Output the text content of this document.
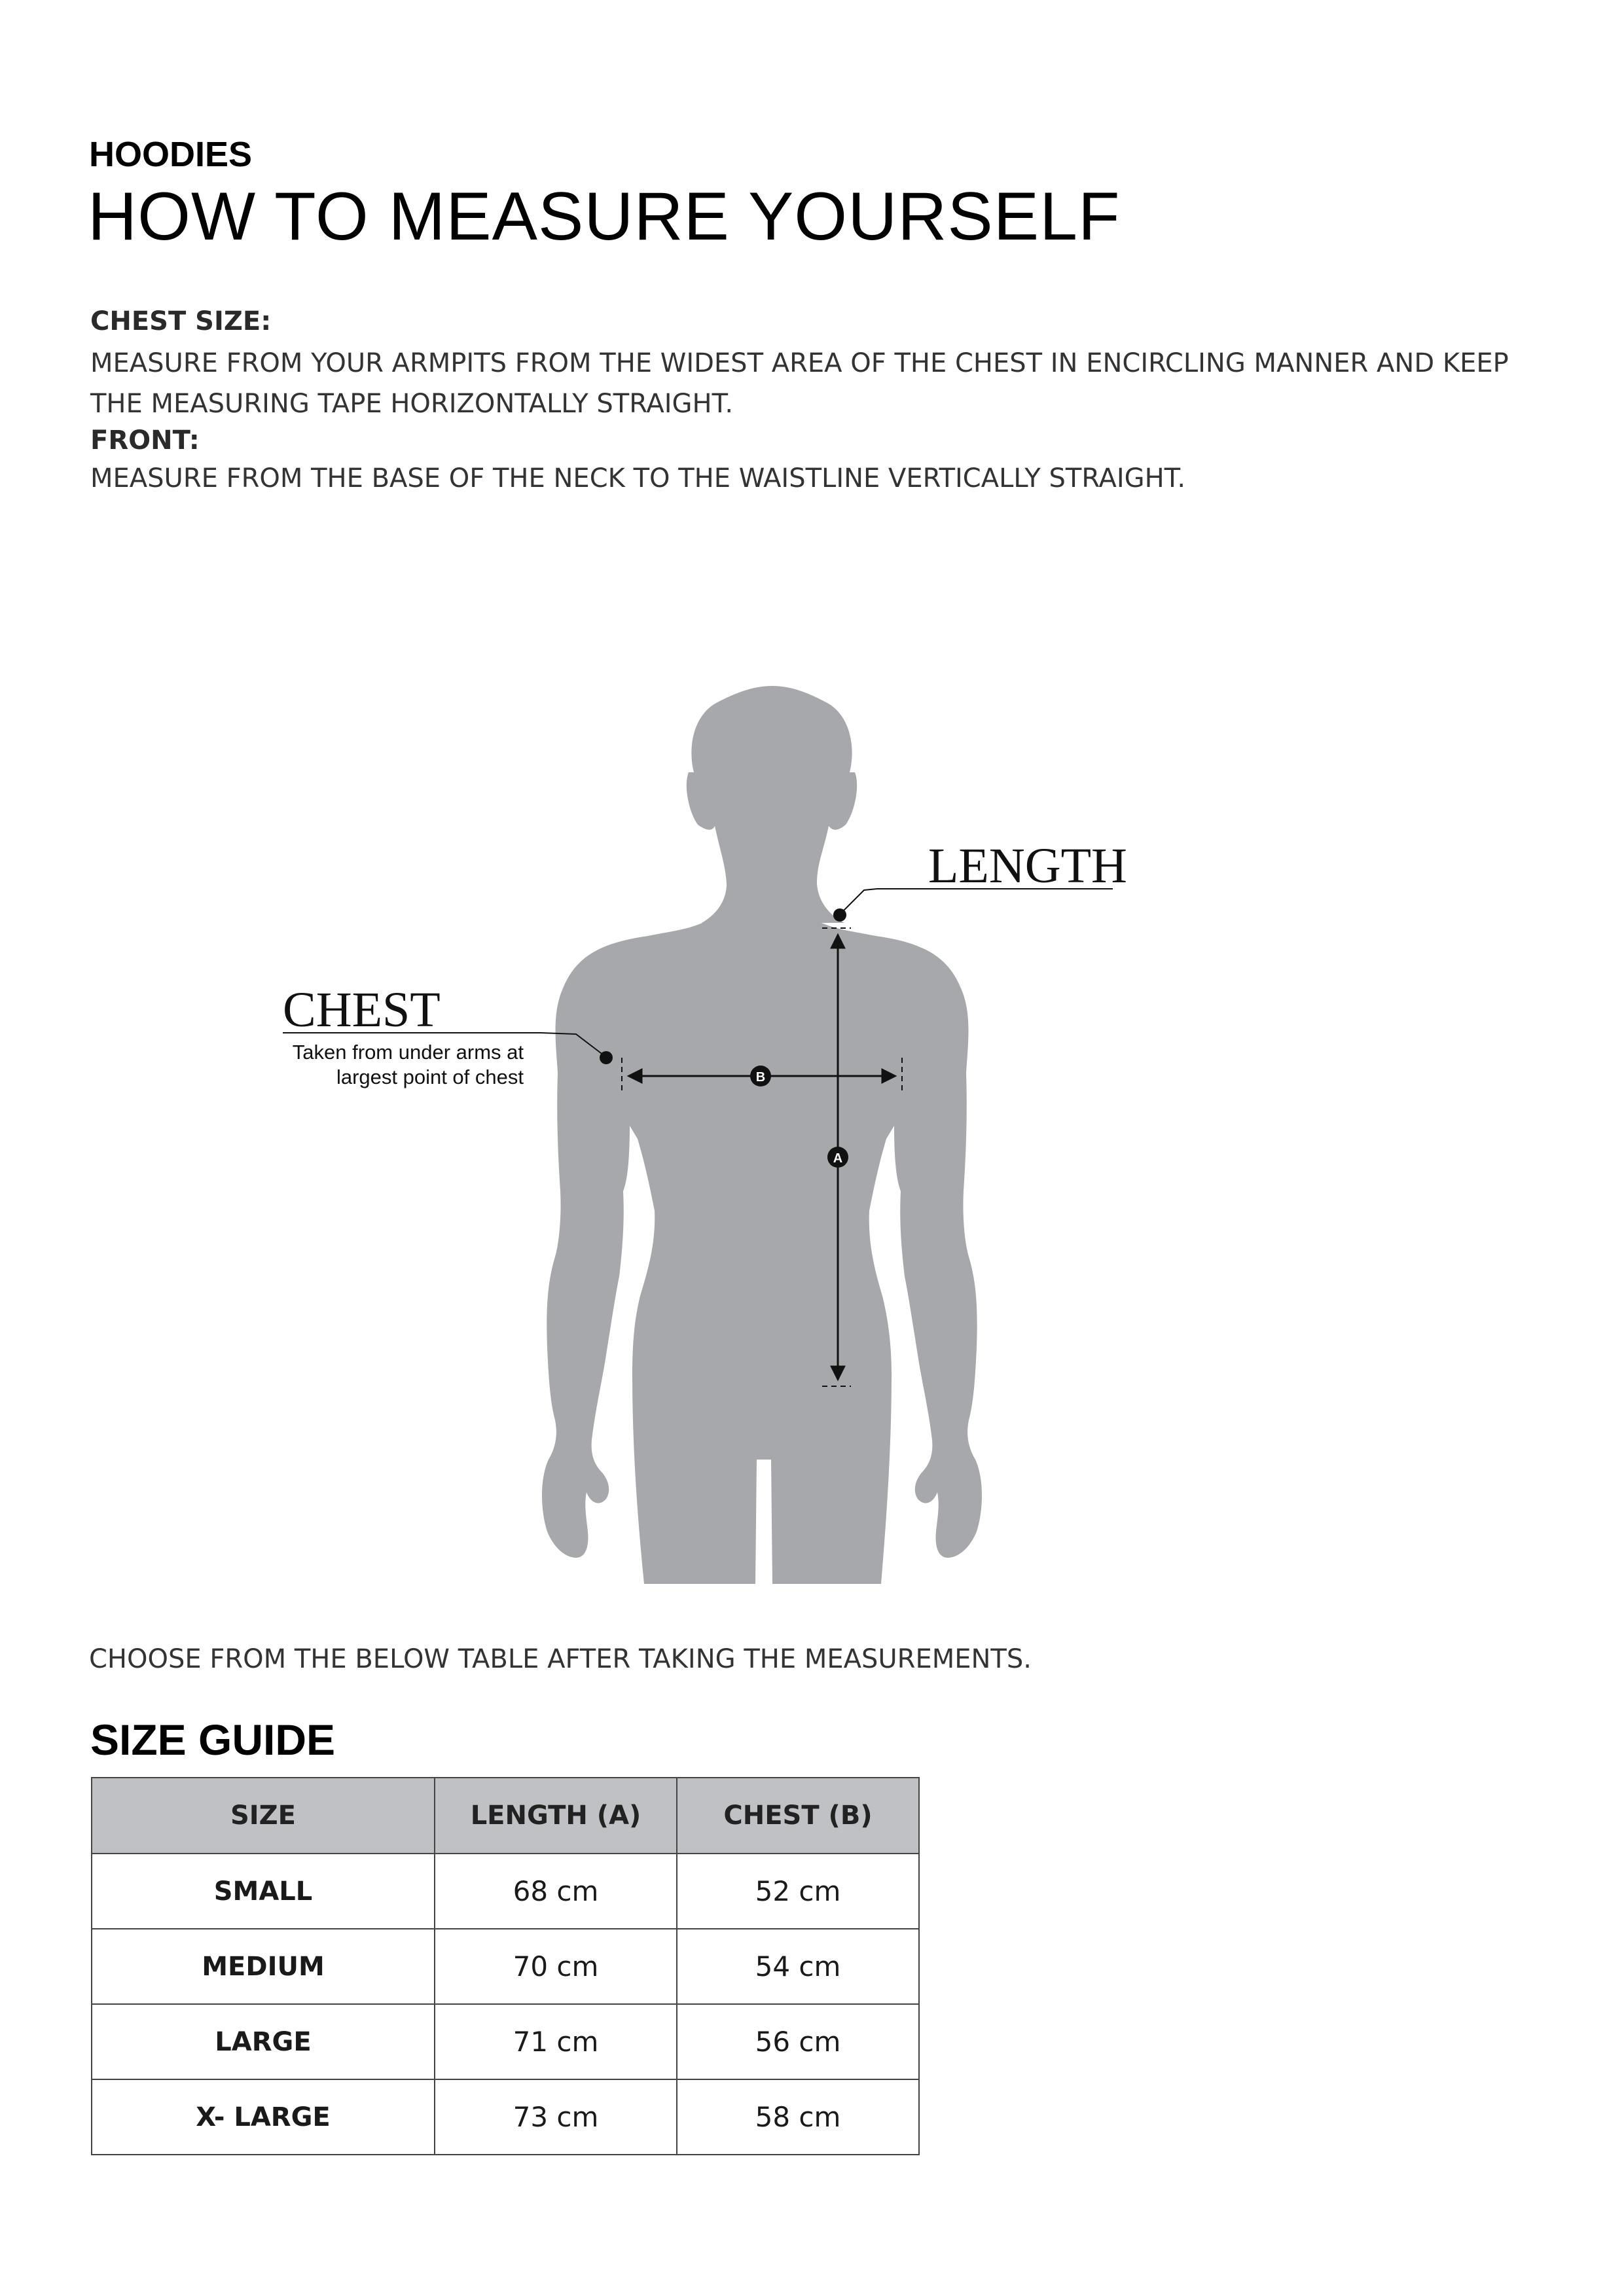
HOODIES
HOW TO MEASURE YOURSELF
CHEST SIZE:
MEASURE FROM YOUR ARMPITS FROM THE WIDEST AREA OF THE CHEST IN ENCIRCLING MANNER AND KEEP THE MEASURING TAPE HORIZONTALLY STRAIGHT.
FRONT:
MEASURE FROM THE BASE OF THE NECK TO THE WAISTLINE VERTICALLY STRAIGHT.
LENGTH
A
CHEST
Taken from under arms at
largest point of chest	B
CHOOSE FROM THE BELOW TABLE AFTER TAKING THE MEASUREMENTS.
SIZE GUIDE
SIZE	LENGTH (A)	CHEST (B)
SMALL	68 cm	52 cm
MEDIUM	70 cm	54 cm
LARGE	71 cm	56 cm
X- LARGE	73 cm	58 cm
